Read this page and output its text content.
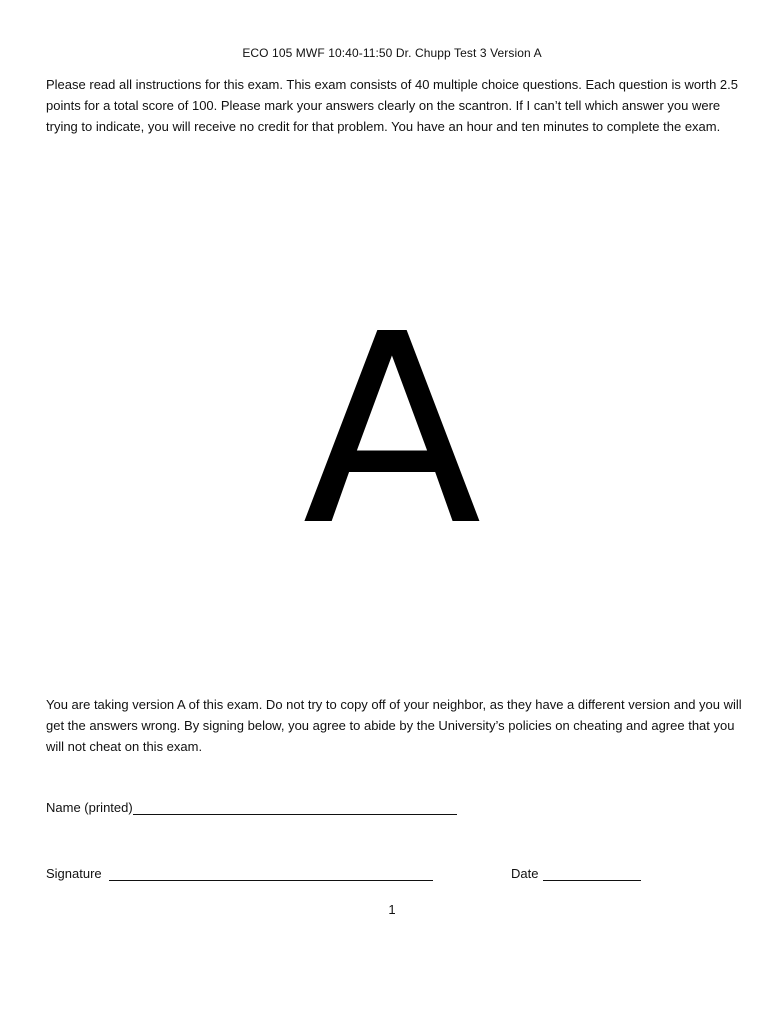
ECO 105 MWF 10:40-11:50 Dr. Chupp Test 3 Version A
Please read all instructions for this exam. This exam consists of 40 multiple choice questions. Each question is worth 2.5 points for a total score of 100. Please mark your answers clearly on the scantron. If I can’t tell which answer you were trying to indicate, you will receive no credit for that problem. You have an hour and ten minutes to complete the exam.
A
You are taking version A of this exam. Do not try to copy off of your neighbor, as they have a different version and you will get the answers wrong. By signing below, you agree to abide by the University’s policies on cheating and agree that you will not cheat on this exam.
Name (printed)
Signature	Date
1
